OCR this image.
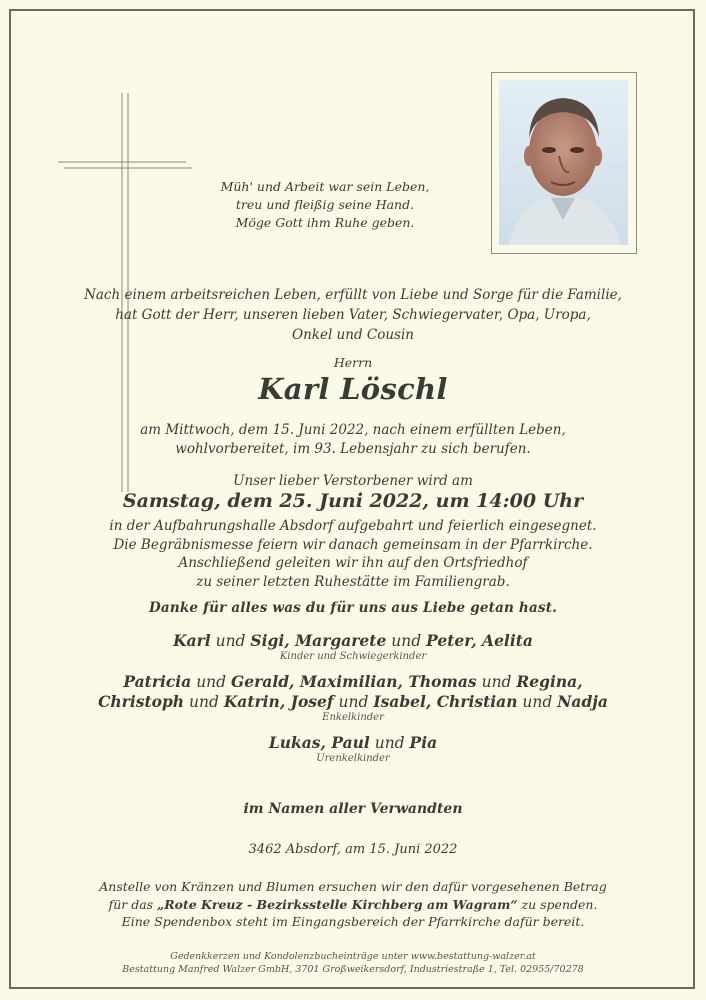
Müh' und Arbeit war sein Leben,
treu und fleißig seine Hand.
Möge Gott ihm Ruhe geben.
Nach einem arbeitsreichen Leben, erfüllt von Liebe und Sorge für die Familie,
hat Gott der Herr, unseren lieben Vater, Schwiegervater, Opa, Uropa,
Onkel und Cousin
Herrn
Karl Löschl
am Mittwoch, dem 15. Juni 2022, nach einem erfüllten Leben,
wohlvorbereitet, im 93. Lebensjahr zu sich berufen.
Unser lieber Verstorbener wird am
Samstag, dem 25. Juni 2022, um 14:00 Uhr
in der Aufbahrungshalle Absdorf aufgebahrt und feierlich eingesegnet.
Die Begräbnismesse feiern wir danach gemeinsam in der Pfarrkirche.
Anschließend geleiten wir ihn auf den Ortsfriedhof
zu seiner letzten Ruhestätte im Familiengrab.
Danke für alles was du für uns aus Liebe getan hast.
Karl und Sigi, Margarete und Peter, Aelita
Kinder und Schwiegerkinder
Patricia und Gerald, Maximilian, Thomas und Regina,
Christoph und Katrin, Josef und Isabel, Christian und Nadja
Enkelkinder
Lukas, Paul und Pia
Urenkelkinder
im Namen aller Verwandten
3462 Absdorf, am 15. Juni 2022
Anstelle von Kränzen und Blumen ersuchen wir den dafür vorgesehenen Betrag
für das „Rote Kreuz - Bezirksstelle Kirchberg am Wagram“ zu spenden.
Eine Spendenbox steht im Eingangsbereich der Pfarrkirche dafür bereit.
Gedenkkerzen und Kondolenzbucheinträge unter www.bestattung-walzer.at
Bestattung Manfred Walzer GmbH, 3701 Großweikersdorf, Industriestraße 1, Tel. 02955/70278
